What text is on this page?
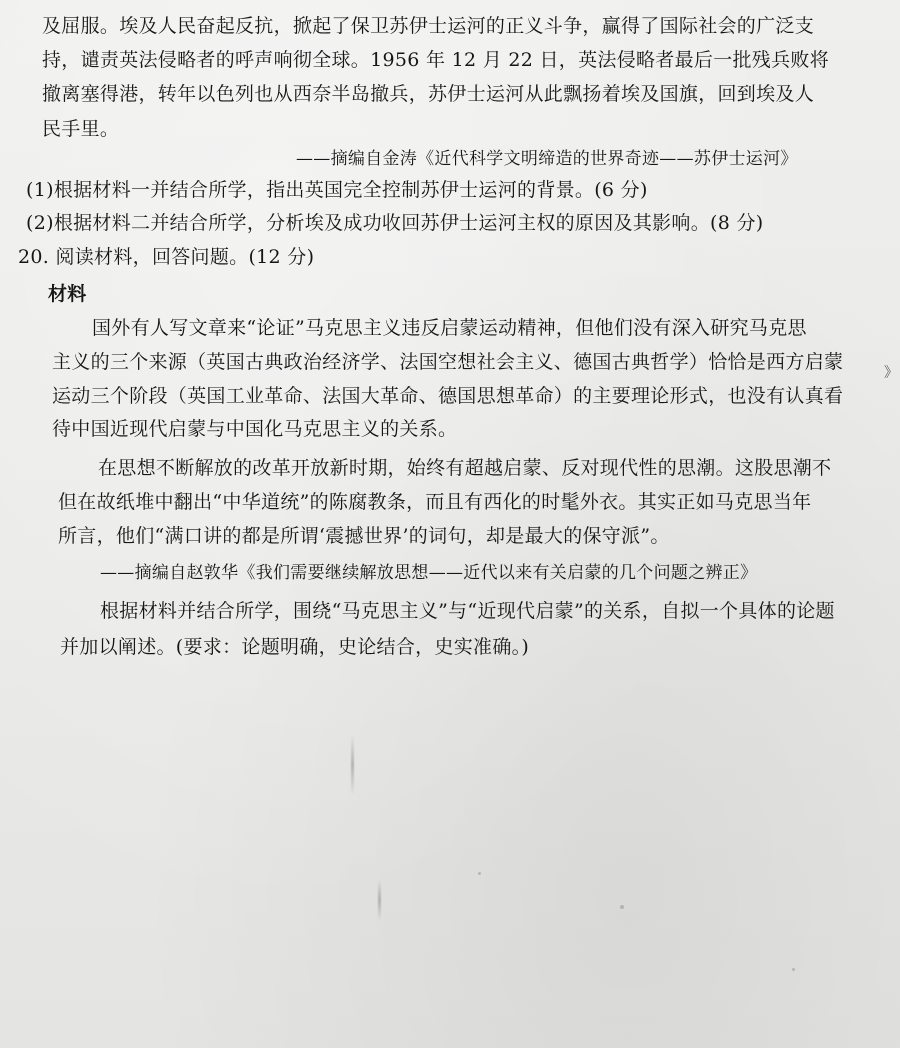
及屈服。埃及人民奋起反抗，掀起了保卫苏伊士运河的正义斗争，赢得了国际社会的广泛支
持，谴责英法侵略者的呼声响彻全球。1956 年 12 月 22 日，英法侵略者最后一批残兵败将
撤离塞得港，转年以色列也从西奈半岛撤兵，苏伊士运河从此飘扬着埃及国旗，回到埃及人
民手里。
——摘编自金涛《近代科学文明缔造的世界奇迹——苏伊士运河》
(1)根据材料一并结合所学，指出英国完全控制苏伊士运河的背景。(6 分)
(2)根据材料二并结合所学，分析埃及成功收回苏伊士运河主权的原因及其影响。(8 分)
20. 阅读材料，回答问题。(12 分)
材料
国外有人写文章来“论证”马克思主义违反启蒙运动精神，但他们没有深入研究马克思
主义的三个来源（英国古典政治经济学、法国空想社会主义、德国古典哲学）恰恰是西方启蒙
运动三个阶段（英国工业革命、法国大革命、德国思想革命）的主要理论形式，也没有认真看
待中国近现代启蒙与中国化马克思主义的关系。
在思想不断解放的改革开放新时期，始终有超越启蒙、反对现代性的思潮。这股思潮不
但在故纸堆中翻出“中华道统”的陈腐教条，而且有西化的时髦外衣。其实正如马克思当年
所言，他们“满口讲的都是所谓‘震撼世界’的词句，却是最大的保守派”。
——摘编自赵敦华《我们需要继续解放思想——近代以来有关启蒙的几个问题之辨正》
根据材料并结合所学，围绕“马克思主义”与“近现代启蒙”的关系，自拟一个具体的论题
并加以阐述。(要求：论题明确，史论结合，史实准确。)
》
